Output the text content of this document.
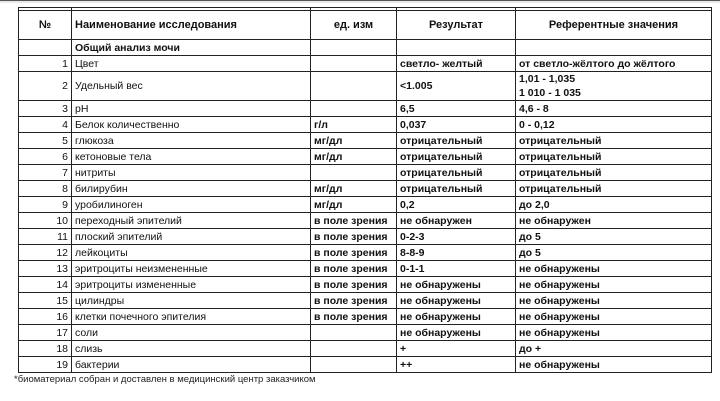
№	Наименование исследования	ед. изм	Результат	Референтные значения
	Общий анализ мочи			
1	Цвет		светло- желтый	от светло-жёлтого до жёлтого
2	Удельный вес		<1.005	1,01 - 1,035
1 010 - 1 035

3	pH		6,5	4,6 - 8
4	Белок количественно	г/л	0,037	0 - 0,12
5	глюкоза	мг/дл	отрицательный	отрицательный
6	кетоновые тела	мг/дл	отрицательный	отрицательный
7	нитриты		отрицательный	отрицательный
8	билирубин	мг/дл	отрицательный	отрицательный
9	уробилиноген	мг/дл	0,2	до 2,0
10	переходный эпителий	в поле зрения	не обнаружен	не обнаружен
11	плоский эпителий	в поле зрения	0-2-3	до 5
12	лейкоциты	в поле зрения	8-8-9	до 5
13	эритроциты неизмененные	в поле зрения	0-1-1	не обнаружены
14	эритроциты измененные	в поле зрения	не обнаружены	не обнаружены
15	цилиндры	в поле зрения	не обнаружены	не обнаружены
16	клетки почечного эпителия	в поле зрения	не обнаружены	не обнаружены
17	соли		не обнаружены	не обнаружены
18	слизь		+	до +
19	бактерии		++	не обнаружены
*биоматериал собран и доставлен в медицинский центр заказчиком
